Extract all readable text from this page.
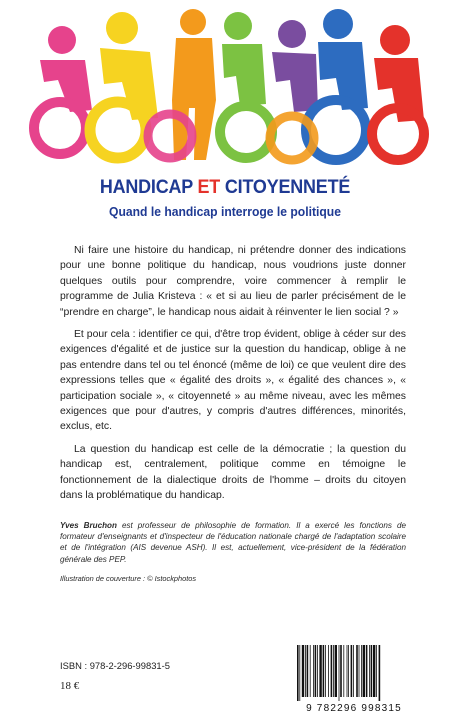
HANDICAP ET CITOYENNETÉ
Quand le handicap interroge le politique

Ni faire une histoire du handicap, ni prétendre donner des indications pour une bonne politique du handicap, nous voudrions juste donner quelques outils pour comprendre, voire commencer à remplir le programme de Julia Kristeva : « et si au lieu de parler précisément de le “prendre en charge”, le handicap nous aidait à réinventer le lien social ? »

Et pour cela : identifier ce qui, d'être trop évident, oblige à céder sur des exigences d'égalité et de justice sur la question du handicap, oblige à ne pas entendre dans tel ou tel énoncé (même de loi) ce que veulent dire des expressions telles que « égalité des droits », « égalité des chances », « participation sociale », « citoyenneté » au même niveau, avec les mêmes exigences que pour d'autres, y compris d'autres différences, minorités, exclus, etc.

La question du handicap est celle de la démocratie ; la question du handicap est, centralement, politique comme en témoigne le fonctionnement de la dialectique droits de l'homme – droits du citoyen dans la problématique du handicap.

Yves Bruchon est professeur de philosophie de formation. Il a exercé les fonctions de formateur d'enseignants et d'inspecteur de l'éducation nationale chargé de l'adaptation scolaire et de l'intégration (AIS devenue ASH). Il est, actuellement, vice-président de la fédération générale des PEP.
Illustration de couverture : © Istockphotos
ISBN : 978-2-296-99831-5
18 €
9 782296 998315
